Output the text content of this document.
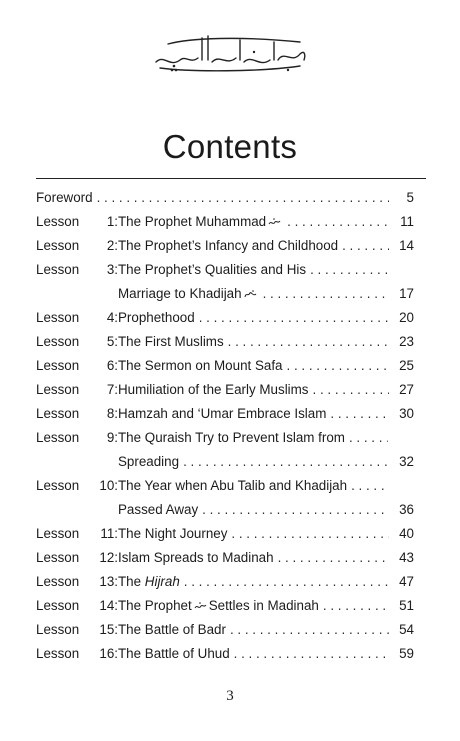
Contents
Foreword . . .	5
Lesson	1: The Prophet Muhammad . . .	11
Lesson	2: The Prophet’s Infancy and Childhood . . .	14
Lesson	3: The Prophet’s Qualities and His
. . .
Marriage to Khadijah . . .	17
Lesson	4: Prophethood . . .	20
Lesson	5: The First Muslims . . .	23
Lesson	6: The Sermon on Mount Safa . . .	25
Lesson	7: Humiliation of the Early Muslims . . .	27
Lesson	8: Hamzah and ‘Umar Embrace Islam . . .	30
Lesson	9: The Quraish Try to Prevent Islam from
. . .
Spreading . . .	32
Lesson 10: The Year when Abu Talib and Khadijah
. . .
Passed Away . . .	36
Lesson	11: The Night Journey . . .	40
Lesson 12: Islam Spreads to Madinah . . .	43
Lesson 13: The Hijrah . . .	47
Lesson 14: The Prophet Settles in Madinah . . .	51
Lesson 15: The Battle of Badr . . .	54
Lesson 16: The Battle of Uhud . . .	59
3
